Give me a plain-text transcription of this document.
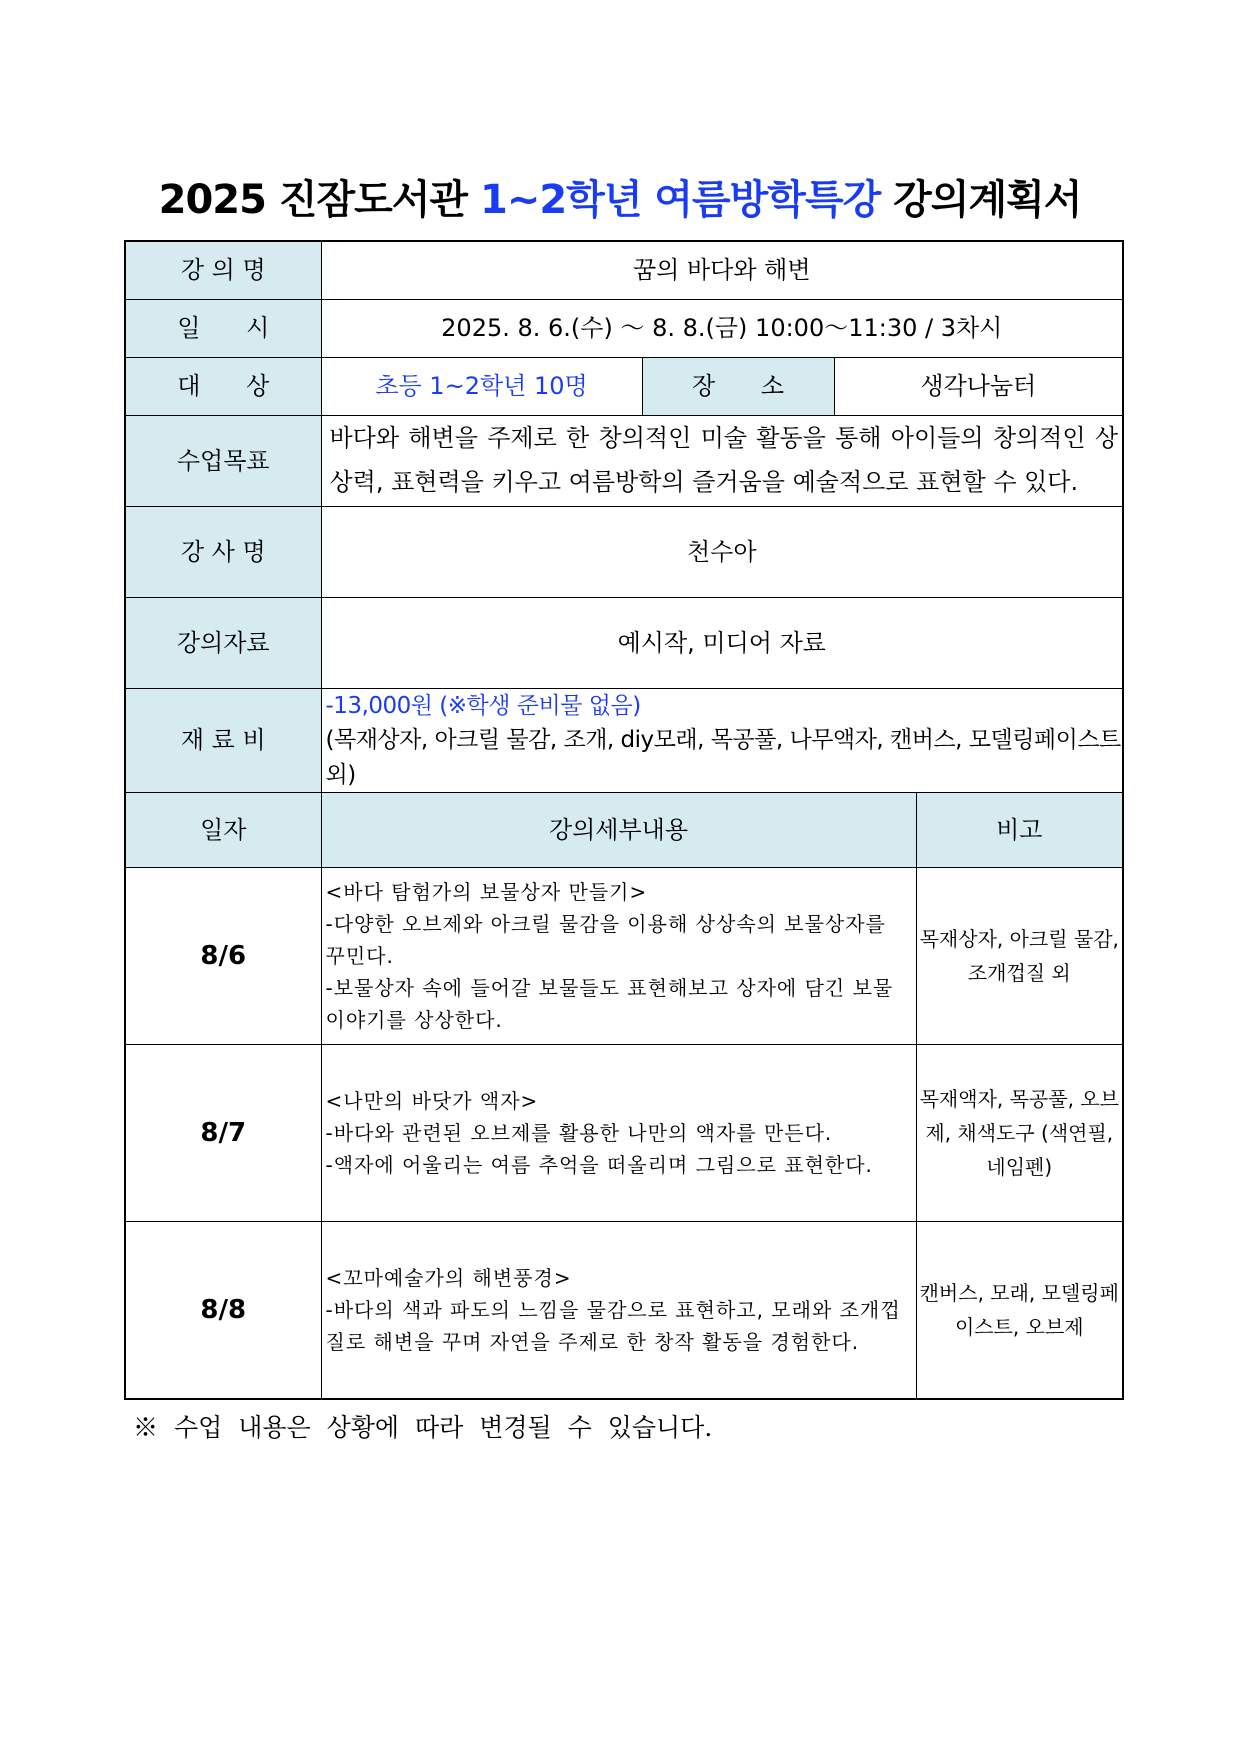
2025 진잠도서관 1~2학년 여름방학특강 강의계획서
강 의 명	꿈의 바다와 해변			
일 시	2025. 8. 6.(수) ～ 8. 8.(금) 10:00～11:30 / 3차시			
대 상	초등 1~2학년 10명	장 소	생각나눔터	
수업목표	바다와 해변을 주제로 한 창의적인 미술 활동을 통해 아이들의 창의적인 상상력, 표현력을 키우고 여름방학의 즐거움을 예술적으로 표현할 수 있다.			
강 사 명	천수아			
강의자료	예시작, 미디어 자료			
재 료 비	-13,000원 (※학생 준비물 없음)
(목재상자, 아크릴 물감, 조개, diy모래, 목공풀, 나무액자, 캔버스, 모델링페이스트 외)			

일자	강의세부내용			비고
8/6	<바다 탐험가의 보물상자 만들기>
-다양한 오브제와 아크릴 물감을 이용해 상상속의 보물상자를 꾸민다.
-보물상자 속에 들어갈 보물들도 표현해보고 상자에 담긴 보물 이야기를 상상한다.			목재상자, 아크릴 물감, 조개껍질 외
8/7	<나만의 바닷가 액자>
-바다와 관련된 오브제를 활용한 나만의 액자를 만든다.
-액자에 어울리는 여름 추억을 떠올리며 그림으로 표현한다.			목재액자, 목공풀, 오브제, 채색도구 (색연필, 네임펜)
8/8	<꼬마예술가의 해변풍경>
-바다의 색과 파도의 느낌을 물감으로 표현하고, 모래와 조개껍질로 해변을 꾸며 자연을 주제로 한 창작 활동을 경험한다.			캔버스, 모래, 모델링페이스트, 오브제
※ 수업 내용은 상황에 따라 변경될 수 있습니다.
